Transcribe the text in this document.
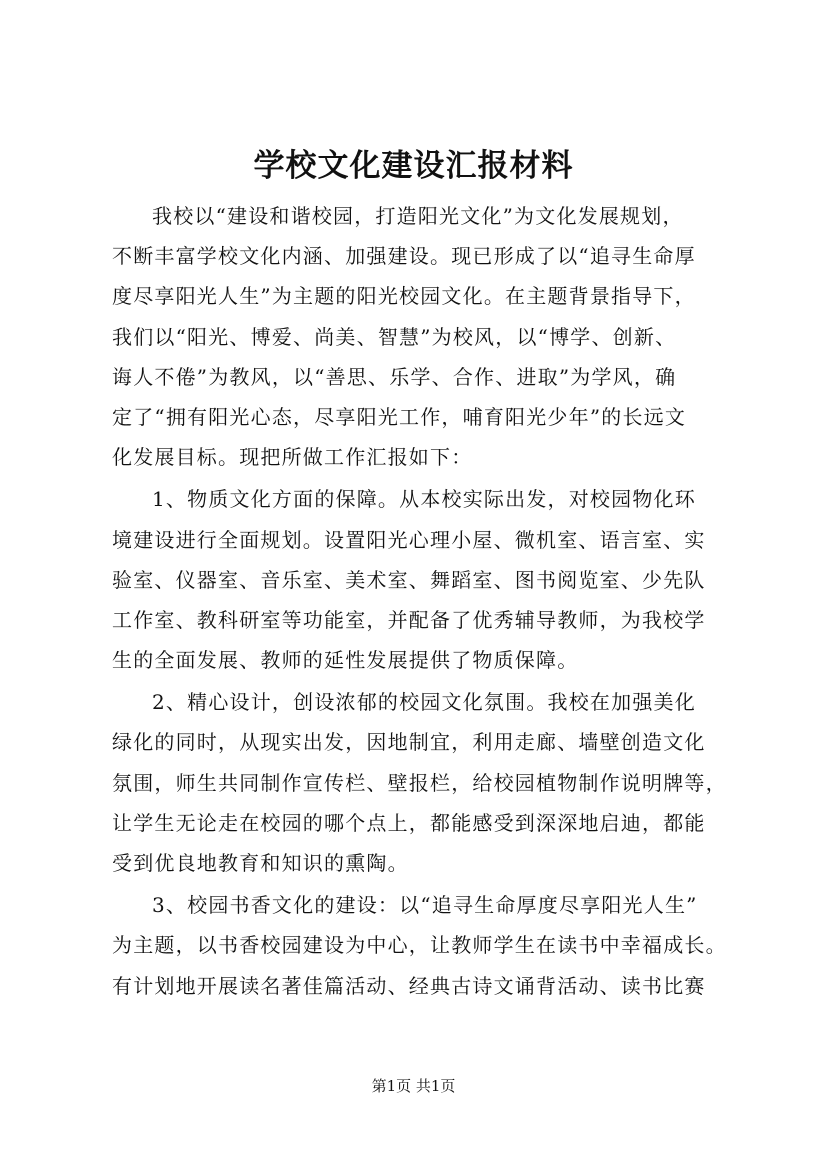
学校文化建设汇报材料
我校以“建设和谐校园，打造阳光文化”为文化发展规划，
不断丰富学校文化内涵、加强建设。现已形成了以“追寻生命厚
度尽享阳光人生”为主题的阳光校园文化。在主题背景指导下，
我们以“阳光、博爱、尚美、智慧”为校风，以“博学、创新、
诲人不倦”为教风，以“善思、乐学、合作、进取”为学风，确
定了“拥有阳光心态，尽享阳光工作，哺育阳光少年”的长远文
化发展目标。现把所做工作汇报如下：
1、物质文化方面的保障。从本校实际出发，对校园物化环
境建设进行全面规划。设置阳光心理小屋、微机室、语言室、实
验室、仪器室、音乐室、美术室、舞蹈室、图书阅览室、少先队
工作室、教科研室等功能室，并配备了优秀辅导教师，为我校学
生的全面发展、教师的延性发展提供了物质保障。
2、精心设计，创设浓郁的校园文化氛围。我校在加强美化
绿化的同时，从现实出发，因地制宜，利用走廊、墙壁创造文化
氛围，师生共同制作宣传栏、壁报栏，给校园植物制作说明牌等，
让学生无论走在校园的哪个点上，都能感受到深深地启迪，都能
受到优良地教育和知识的熏陶。
3、校园书香文化的建设：以“追寻生命厚度尽享阳光人生”
为主题，以书香校园建设为中心，让教师学生在读书中幸福成长。
有计划地开展读名著佳篇活动、经典古诗文诵背活动、读书比赛
第1页 共1页
